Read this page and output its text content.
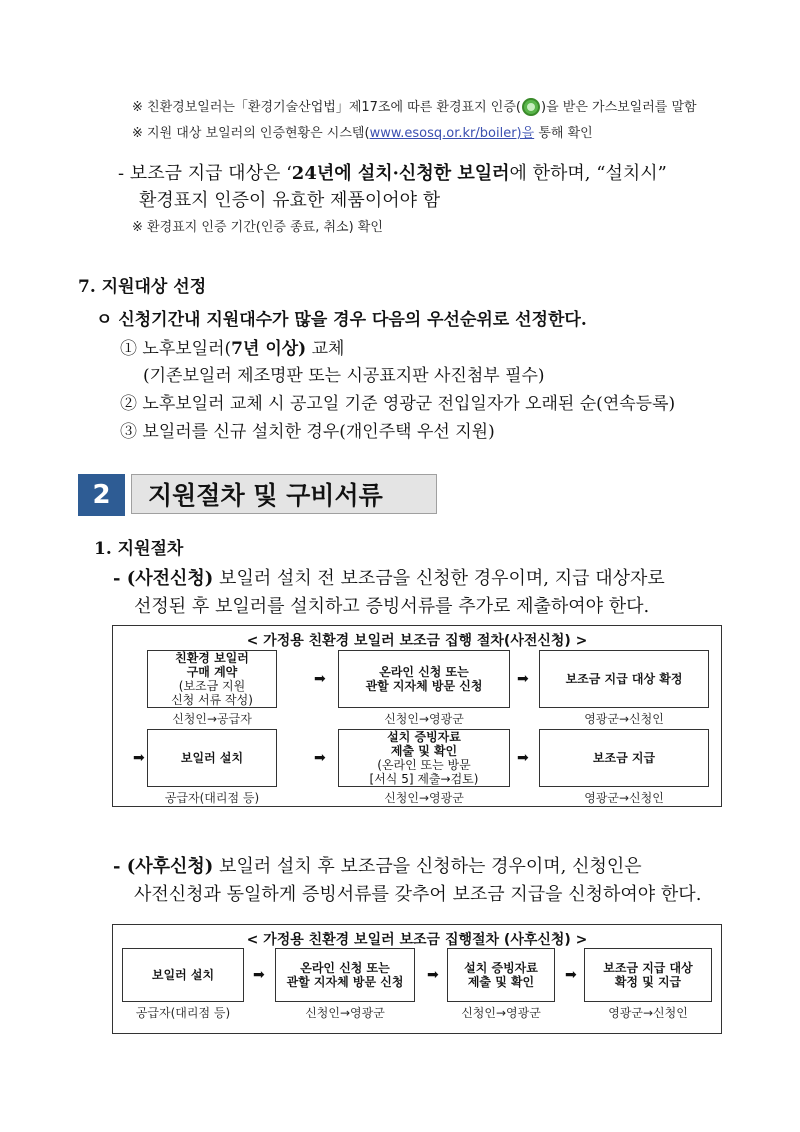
※ 친환경보일러는「환경기술산업법」제17조에 따른 환경표지 인증( )을 받은 가스보일러를 말함
※ 지원 대상 보일러의 인증현황은 시스템(www.esosq.or.kr/boiler)을 통해 확인
- 보조금 지급 대상은 ‘24년에 설치·신청한 보일러에 한하며, “설치시”
환경표지 인증이 유효한 제품이어야 함
※ 환경표지 인증 기간(인증 종료, 취소) 확인
7. 지원대상 선정
ㅇ 신청기간내 지원대수가 많을 경우 다음의 우선순위로 선정한다.
① 노후보일러(7년 이상) 교체
(기존보일러 제조명판 또는 시공표지판 사진첨부 필수)
② 노후보일러 교체 시 공고일 기준 영광군 전입일자가 오래된 순(연속등록)
③ 보일러를 신규 설치한 경우(개인주택 우선 지원)
2	지원절차 및 구비서류
1. 지원절차
- (사전신청) 보일러 설치 전 보조금을 신청한 경우이며, 지급 대상자로
선정된 후 보일러를 설치하고 증빙서류를 추가로 제출하여야 한다.
< 가정용 친환경 보일러 보조금 집행 절차(사전신청) >
친환경 보일러
구매 계약
(보조금 지원
신청 서류 작성)
신청인→공급자
➡	온라인 신청 또는
관할 지자체 방문 신청
신청인→영광군
➡	보조금 지급 대상 확정
영광군→신청인
➡	보일러 설치
공급자(대리점 등)
➡
설치 증빙자료
제출 및 확인
(온라인 또는 방문
[서식 5] 제출→검토)
신청인→영광군
➡	보조금 지급
영광군→신청인
- (사후신청) 보일러 설치 후 보조금을 신청하는 경우이며, 신청인은
사전신청과 동일하게 증빙서류를 갖추어 보조금 지급을 신청하여야 한다.
< 가정용 친환경 보일러 보조금 집행절차 (사후신청) >
보일러 설치
공급자(대리점 등)
➡	온라인 신청 또는
관할 지자체 방문 신청
신청인→영광군
➡ 설치 증빙자료
제출 및 확인
신청인→영광군
➡ 보조금 지급 대상
확정 및 지급
영광군→신청인
